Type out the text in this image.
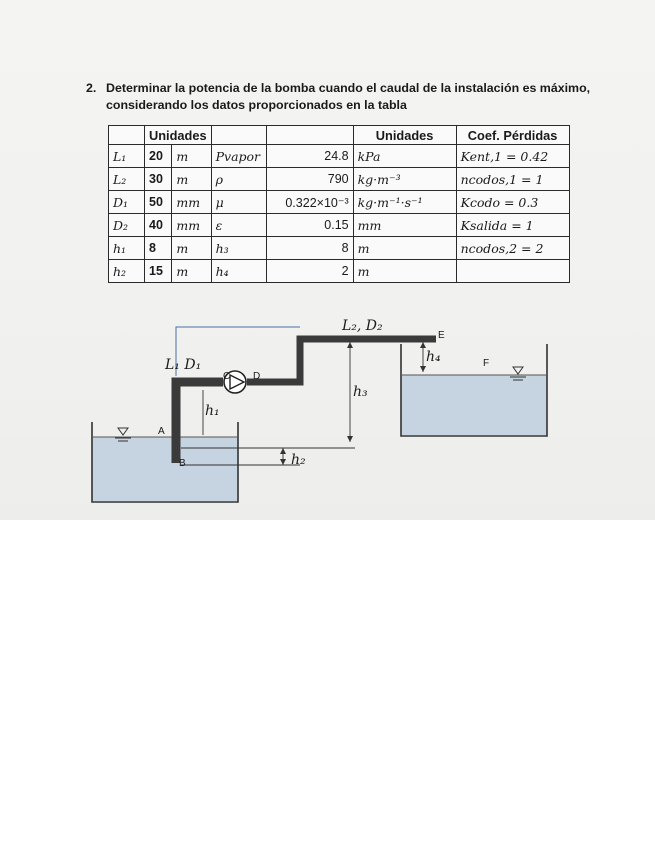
2. Determinar la potencia de la bomba cuando el caudal de la instalación es máximo,
considerando los datos proporcionados en la tabla
	Unidades				Unidades	Coef. Pérdidas
L₁	20	m	Pvapor	24.8	kPa	Kent,1 = 0.42
L₂	30	m	ρ	790	kg·m⁻³	ncodos,1 = 1
D₁	50	mm	μ	0.322×10⁻³	kg·m⁻¹·s⁻¹	Kcodo = 0.3
D₂	40	mm	ε	0.15	mm	Ksalida = 1
h₁	8	m	h₃	8	m	ncodos,2 = 2
h₂	15	m	h₄	2	m	
L₂, D₂
L₁ D₁
h₁
h₂
h₃
h₄
A
B
C D
E
F
